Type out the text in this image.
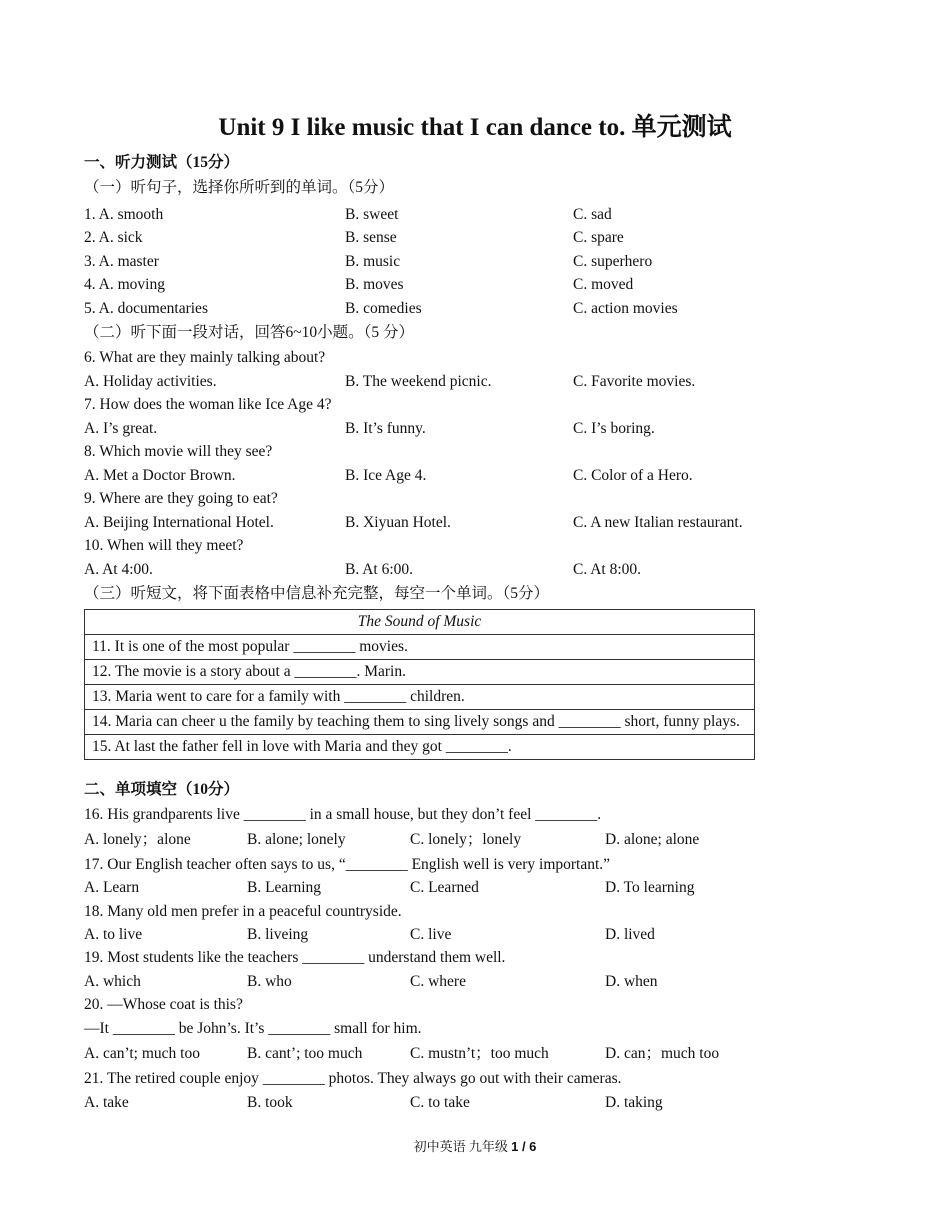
Unit 9 I like music that I can dance to. 单元测试
一、听力测试（15分）
（一）听句子，选择你所听到的单词。（5分）
1. A. smooth	B. sweet	C. sad
2. A. sick	B. sense	C. spare
3. A. master	B. music	C. superhero
4. A. moving	B. moves	C. moved
5. A. documentaries	B. comedies	C. action movies
（二）听下面一段对话，回答6~10小题。（5 分）
6. What are they mainly talking about?
A. Holiday activities.	B. The weekend picnic.	C. Favorite movies.
7. How does the woman like Ice Age 4?
A. I’s great.	B. It’s funny.	C. I’s boring.
8. Which movie will they see?
A. Met a Doctor Brown.	B. Ice Age 4.	C. Color of a Hero.
9. Where are they going to eat?
A. Beijing International Hotel.	B. Xiyuan Hotel.	C. A new Italian restaurant.
10. When will they meet?
A. At 4:00.	B. At 6:00.	C. At 8:00.
（三）听短文，将下面表格中信息补充完整，每空一个单词。（5分）
The Sound of Music
11. It is one of the most popular ________ movies.
12. The movie is a story about a ________. Marin.
13. Maria went to care for a family with ________ children.
14. Maria can cheer u the family by teaching them to sing lively songs and ________ short, funny plays.
15. At last the father fell in love with Maria and they got ________.
二、单项填空（10分）
16. His grandparents live ________ in a small house, but they don’t feel ________.
A. lonely；alone	B. alone; lonely	C. lonely；lonely	D. alone; alone
17. Our English teacher often says to us, “________ English well is very important.”
A. Learn	B. Learning	C. Learned	D. To learning
18. Many old men prefer in a peaceful countryside.
A. to live	B. liveing	C. live	D. lived
19. Most students like the teachers ________ understand them well.
A. which	B. who	C. where	D. when
20. —Whose coat is this?
—It ________ be John’s. It’s ________ small for him.
A. can’t; much too	B. cant’; too much	C. mustn’t；too much	D. can；much too
21. The retired couple enjoy ________ photos. They always go out with their cameras.
A. take	B. took	C. to take	D. taking
初中英语 九年级 1 / 6
